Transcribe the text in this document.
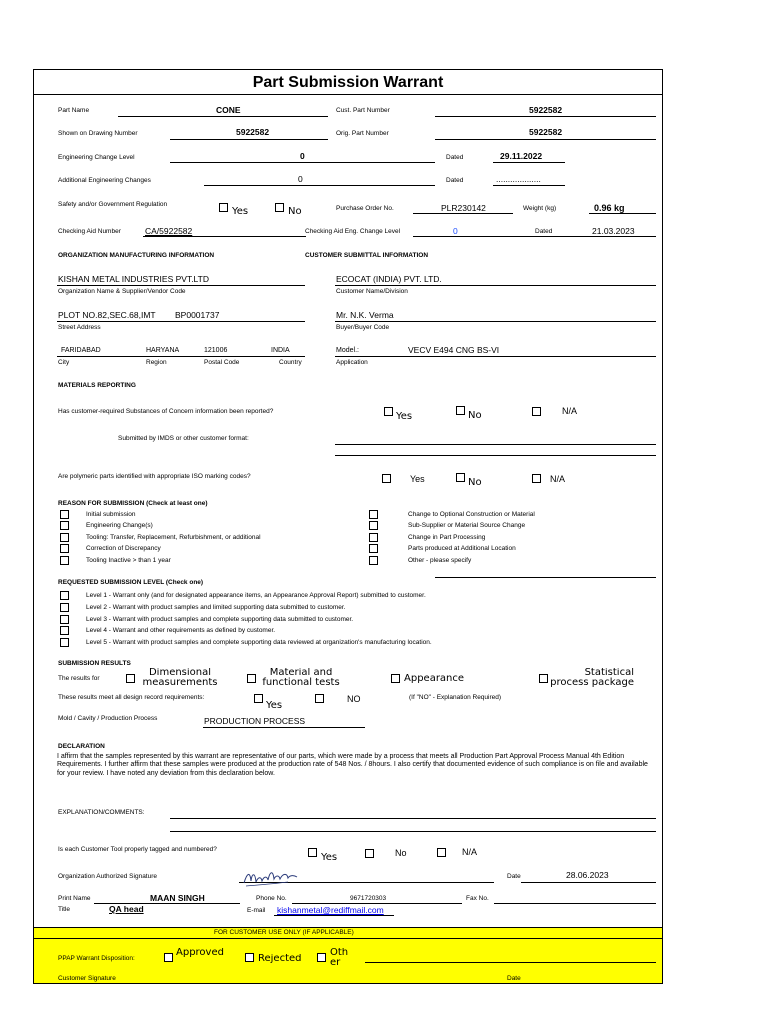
Part Submission Warrant
Part Name	CONE	Cust. Part Number	5922582
Shown on Drawing Number	5922582	Orig. Part Number	5922582
Engineering Change Level	0	Dated	29.11.2022
Additional Engineering Changes	0	Dated	...................
Safety and/or Government Regulation
Yes	No	Purchase Order No.	PLR230142	Weight (kg)	0.96 kg
Checking Aid Number	CA/5922582	Checking Aid Eng. Change Level	0	Dated	21.03.2023
ORGANIZATION MANUFACTURING INFORMATION	CUSTOMER SUBMITTAL INFORMATION
KISHAN METAL INDUSTRIES PVT.LTD
Organization Name & Supplier/Vendor Code
ECOCAT (INDIA) PVT. LTD.
Customer Name/Division
PLOT NO.82,SEC.68,IMT BP0001737
Street Address
Mr. N.K. Verma
Buyer/Buyer Code
FARIDABAD	HARYANA	121006	INDIA
City	Region	Postal Code	Country
Model.:	VECV E494 CNG BS-VI
Application
MATERIALS REPORTING
Has customer-required Substances of Concern information been reported?	Yes	No	N/A
Submitted by IMDS or other customer format:
Are polymeric parts identified with appropriate ISO marking codes?	Yes	No	N/A
REASON FOR SUBMISSION (Check at least one)
Initial submission
Engineering Change(s)
Tooling: Transfer, Replacement, Refurbishment, or additional
Correction of Discrepancy
Tooling Inactive > than 1 year
Change to Optional Construction or Material
Sub-Supplier or Material Source Change
Change in Part Processing
Parts produced at Additional Location
Other - please specify
REQUESTED SUBMISSION LEVEL (Check one)
Level 1 - Warrant only (and for designated appearance items, an Appearance Approval Report) submitted to customer.
Level 2 - Warrant with product samples and limited supporting data submitted to customer.
Level 3 - Warrant with product samples and complete supporting data submitted to customer.
Level 4 - Warrant and other requirements as defined by customer.
Level 5 - Warrant with product samples and complete supporting data reviewed at organization's manufacturing location.
SUBMISSION RESULTS
The results for
Dimensional measurements
Material and functional tests	Appearance
Statistical process package
These results meet all design record requirements:
Yes
NO	(If "NO" - Explanation Required)
Mold / Cavity / Production Process	PRODUCTION PROCESS
DECLARATION
I affirm that the samples represented by this warrant are representative of our parts, which were made by a process that meets all Production Part Approval Process Manual 4th Edition Requirements. I further affirm that these samples were produced at the production rate of 548 Nos. / 8hours. I also certify that documented evidence of such compliance is on file and available for your review. I have noted any deviation from this declaration below.
EXPLANATION/COMMENTS:
Is each Customer Tool properly tagged and numbered?
Yes	No	N/A
Organization Authorized Signature	Date	28.06.2023
Print Name	MAAN SINGH	Phone No.	9671720303	Fax No.
Title	QA head	E-mail kishanmetal@rediffmail.com
FOR CUSTOMER USE ONLY (IF APPLICABLE)
PPAP Warrant Disposition:
Approved
Rejected
Other
Customer Signature	Date
